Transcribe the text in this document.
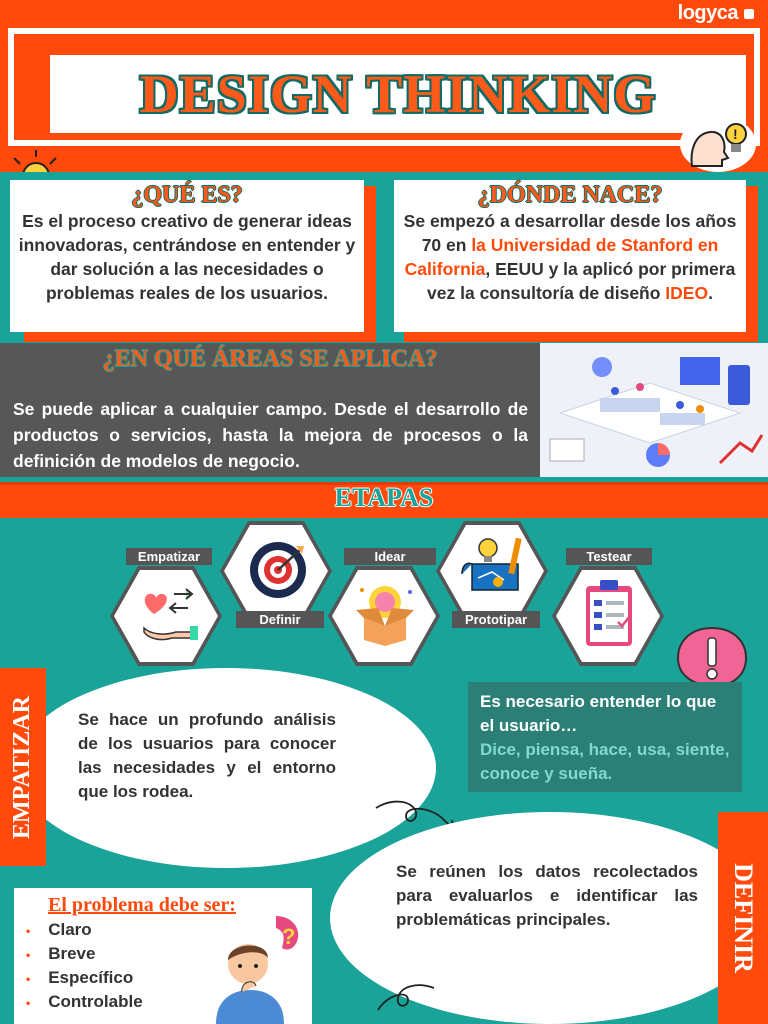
logyca
DESIGN THINKING
!
¿QUÉ ES?
Es el proceso creativo de generar ideas innovadoras, centrándose en entender y dar solución a las necesidades o problemas reales de los usuarios.
¿DÓNDE NACE?
Se empezó a desarrollar desde los años 70 en la Universidad de Stanford en California, EEUU y la aplicó por primera vez la consultoría de diseño IDEO.
¿EN QUÉ ÁREAS SE APLICA?
Se puede aplicar a cualquier campo. Desde el desarrollo de productos o servicios, hasta la mejora de procesos o la definición de modelos de negocio.
ETAPAS
Empatizar
Definir
Idear
Prototipar
Testear
EMPATIZAR Se hace un profundo análisis de los usuarios para conocer las necesidades y el entorno que los rodea.
Es necesario entender lo que el usuario…
Dice, piensa, hace, usa, siente, conoce y sueña.
DEFINIR
Se reúnen los datos recolectados para evaluarlos e identificar las problemáticas principales.
El problema debe ser:
• Claro
• Breve
• Específico
• Controlable
?
